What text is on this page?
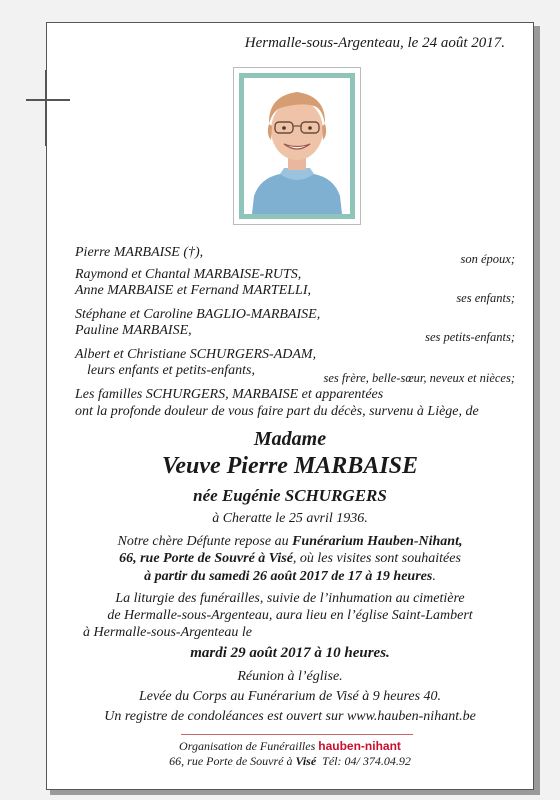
Hermalle-sous-Argenteau, le 24 août 2017.
Pierre MARBAISE (†),	son époux;
Raymond et Chantal MARBAISE-RUTS,
Anne MARBAISE et Fernand MARTELLI,	ses enfants;
Stéphane et Caroline BAGLIO-MARBAISE,
Pauline MARBAISE,	ses petits-enfants;
Albert et Christiane SCHURGERS-ADAM,
leurs enfants et petits-enfants,	ses frère, belle-sœur, neveux et nièces;
Les familles SCHURGERS, MARBAISE et apparentées
ont la profonde douleur de vous faire part du décès, survenu à Liège, de
Madame
Veuve Pierre MARBAISE
née Eugénie SCHURGERS
à Cheratte le 25 avril 1936.
Notre chère Défunte repose au Funérarium Hauben-Nihant,
66, rue Porte de Souvré à Visé, où les visites sont souhaitées
à partir du samedi 26 août 2017 de 17 à 19 heures.
La liturgie des funérailles, suivie de l’inhumation au cimetière
de Hermalle-sous-Argenteau, aura lieu en l’église Saint-Lambert
à Hermalle-sous-Argenteau le
mardi 29 août 2017 à 10 heures.
Réunion à l’église.
Levée du Corps au Funérarium de Visé à 9 heures 40.
Un registre de condoléances est ouvert sur www.hauben-nihant.be
Organisation de Funérailles hauben-nihant
66, rue Porte de Souvré à Visé Tél: 04/ 374.04.92
